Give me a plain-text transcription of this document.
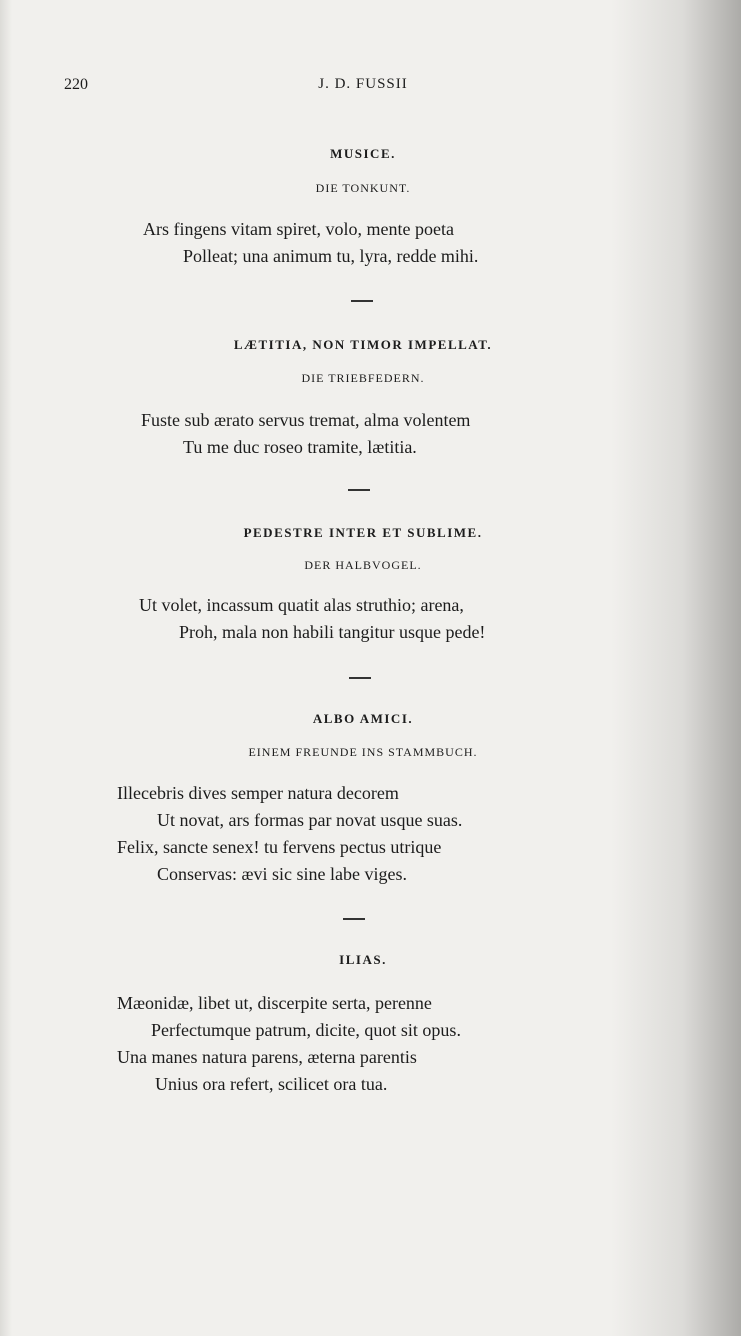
220	J. D. FUSSII
MUSICE.
DIE TONKUNT.
Ars fingens vitam spiret, volo, mente poeta
Polleat; una animum tu, lyra, redde mihi.
LÆTITIA, NON TIMOR IMPELLAT.
DIE TRIEBFEDERN.
Fuste sub ærato servus tremat, alma volentem
Tu me duc roseo tramite, lætitia.
PEDESTRE INTER ET SUBLIME.
DER HALBVOGEL.
Ut volet, incassum quatit alas struthio; arena,
Proh, mala non habili tangitur usque pede!
ALBO AMICI.
EINEM FREUNDE INS STAMMBUCH.
Illecebris dives semper natura decorem
Ut novat, ars formas par novat usque suas.
Felix, sancte senex! tu fervens pectus utrique
Conservas: ævi sic sine labe viges.
ILIAS.
Mæonidæ, libet ut, discerpite serta, perenne
Perfectumque patrum, dicite, quot sit opus.
Una manes natura parens, æterna parentis
Unius ora refert, scilicet ora tua.
